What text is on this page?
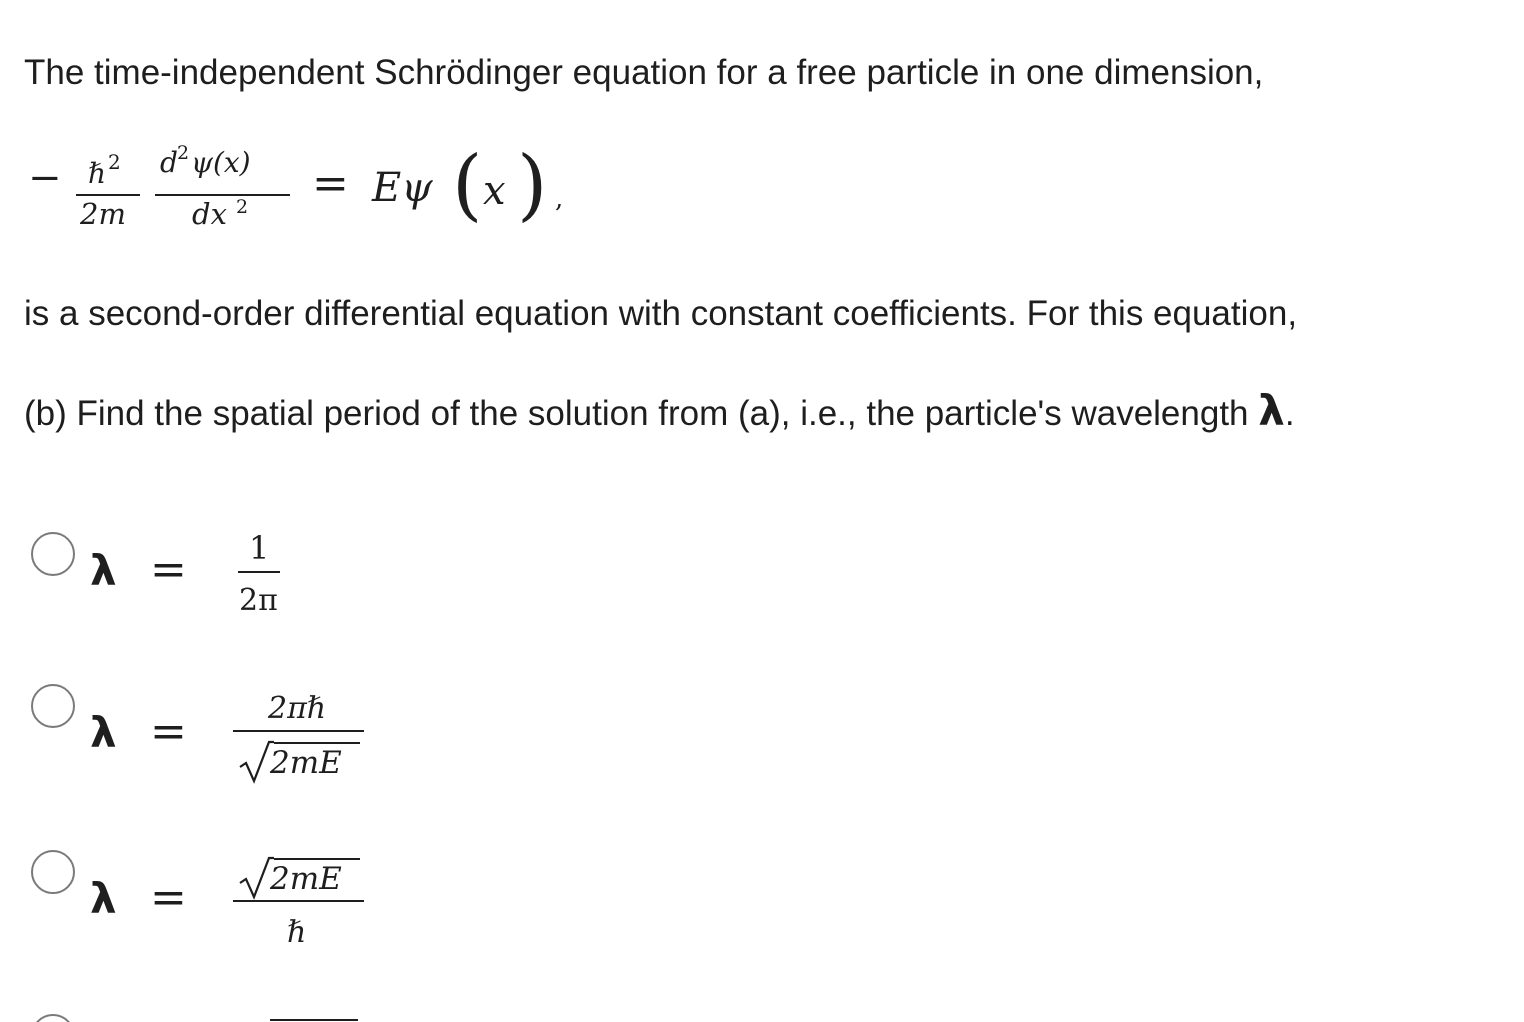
The time-independent Schrödinger equation for a free particle in one dimension,
− ℏ 2
2m
d 2 ψ(x)
dx 2 = Eψ ( x ) ,
is a second-order differential equation with constant coefficients. For this equation,
(b) Find the spatial period of the solution from (a), i.e., the particle's wavelength λ.
λ = 1
2π
λ =	2πℏ
2mE
λ =	2mE
ℏ
